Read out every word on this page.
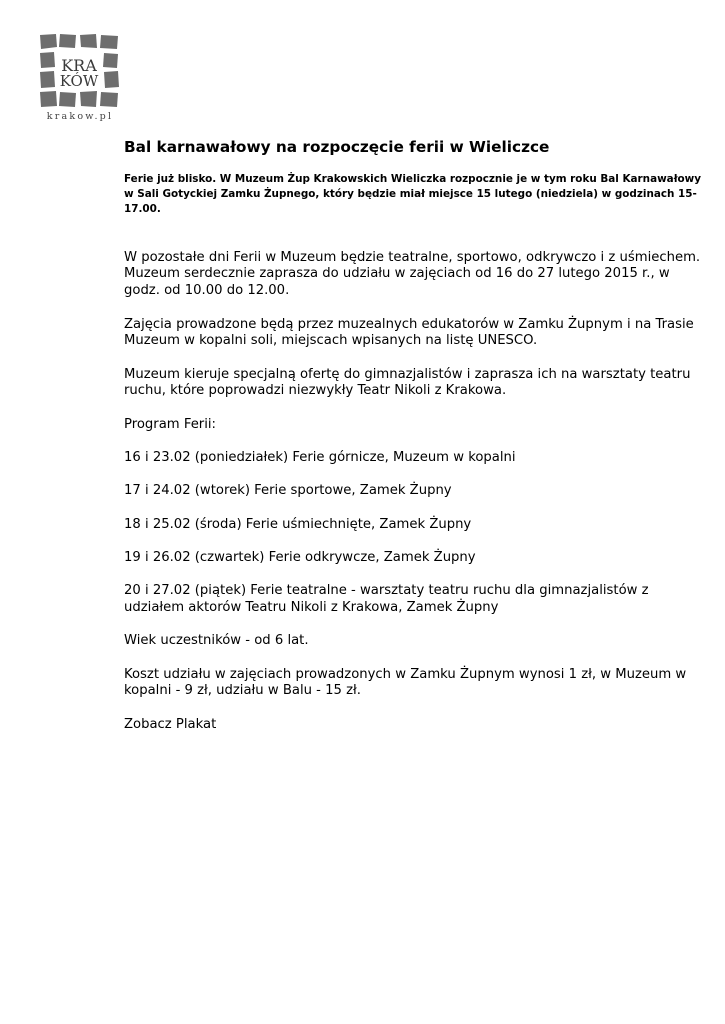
KRA
KÓW
krakow.pl
Bal karnawałowy na rozpoczęcie ferii w Wieliczce

Ferie już blisko. W Muzeum Żup Krakowskich Wieliczka rozpocznie je w tym roku Bal Karnawałowy w Sali Gotyckiej Zamku Żupnego, który będzie miał miejsce 15 lutego (niedziela) w godzinach 15-17.00.

W pozostałe dni Ferii w Muzeum będzie teatralne, sportowo, odkrywczo i z uśmiechem. Muzeum serdecznie zaprasza do udziału w zajęciach od 16 do 27 lutego 2015 r., w godz. od 10.00 do 12.00.

Zajęcia prowadzone będą przez muzealnych edukatorów w Zamku Żupnym i na Trasie Muzeum w kopalni soli, miejscach wpisanych na listę UNESCO.

Muzeum kieruje specjalną ofertę do gimnazjalistów i zaprasza ich na warsztaty teatru ruchu, które poprowadzi niezwykły Teatr Nikoli z Krakowa.

Program Ferii:

16 i 23.02 (poniedziałek) Ferie górnicze, Muzeum w kopalni

17 i 24.02 (wtorek) Ferie sportowe, Zamek Żupny

18 i 25.02 (środa) Ferie uśmiechnięte, Zamek Żupny

19 i 26.02 (czwartek) Ferie odkrywcze, Zamek Żupny

20 i 27.02 (piątek) Ferie teatralne - warsztaty teatru ruchu dla gimnazjalistów z udziałem aktorów Teatru Nikoli z Krakowa, Zamek Żupny

Wiek uczestników - od 6 lat.

Koszt udziału w zajęciach prowadzonych w Zamku Żupnym wynosi 1 zł, w Muzeum w kopalni - 9 zł, udziału w Balu - 15 zł.

Zobacz Plakat
